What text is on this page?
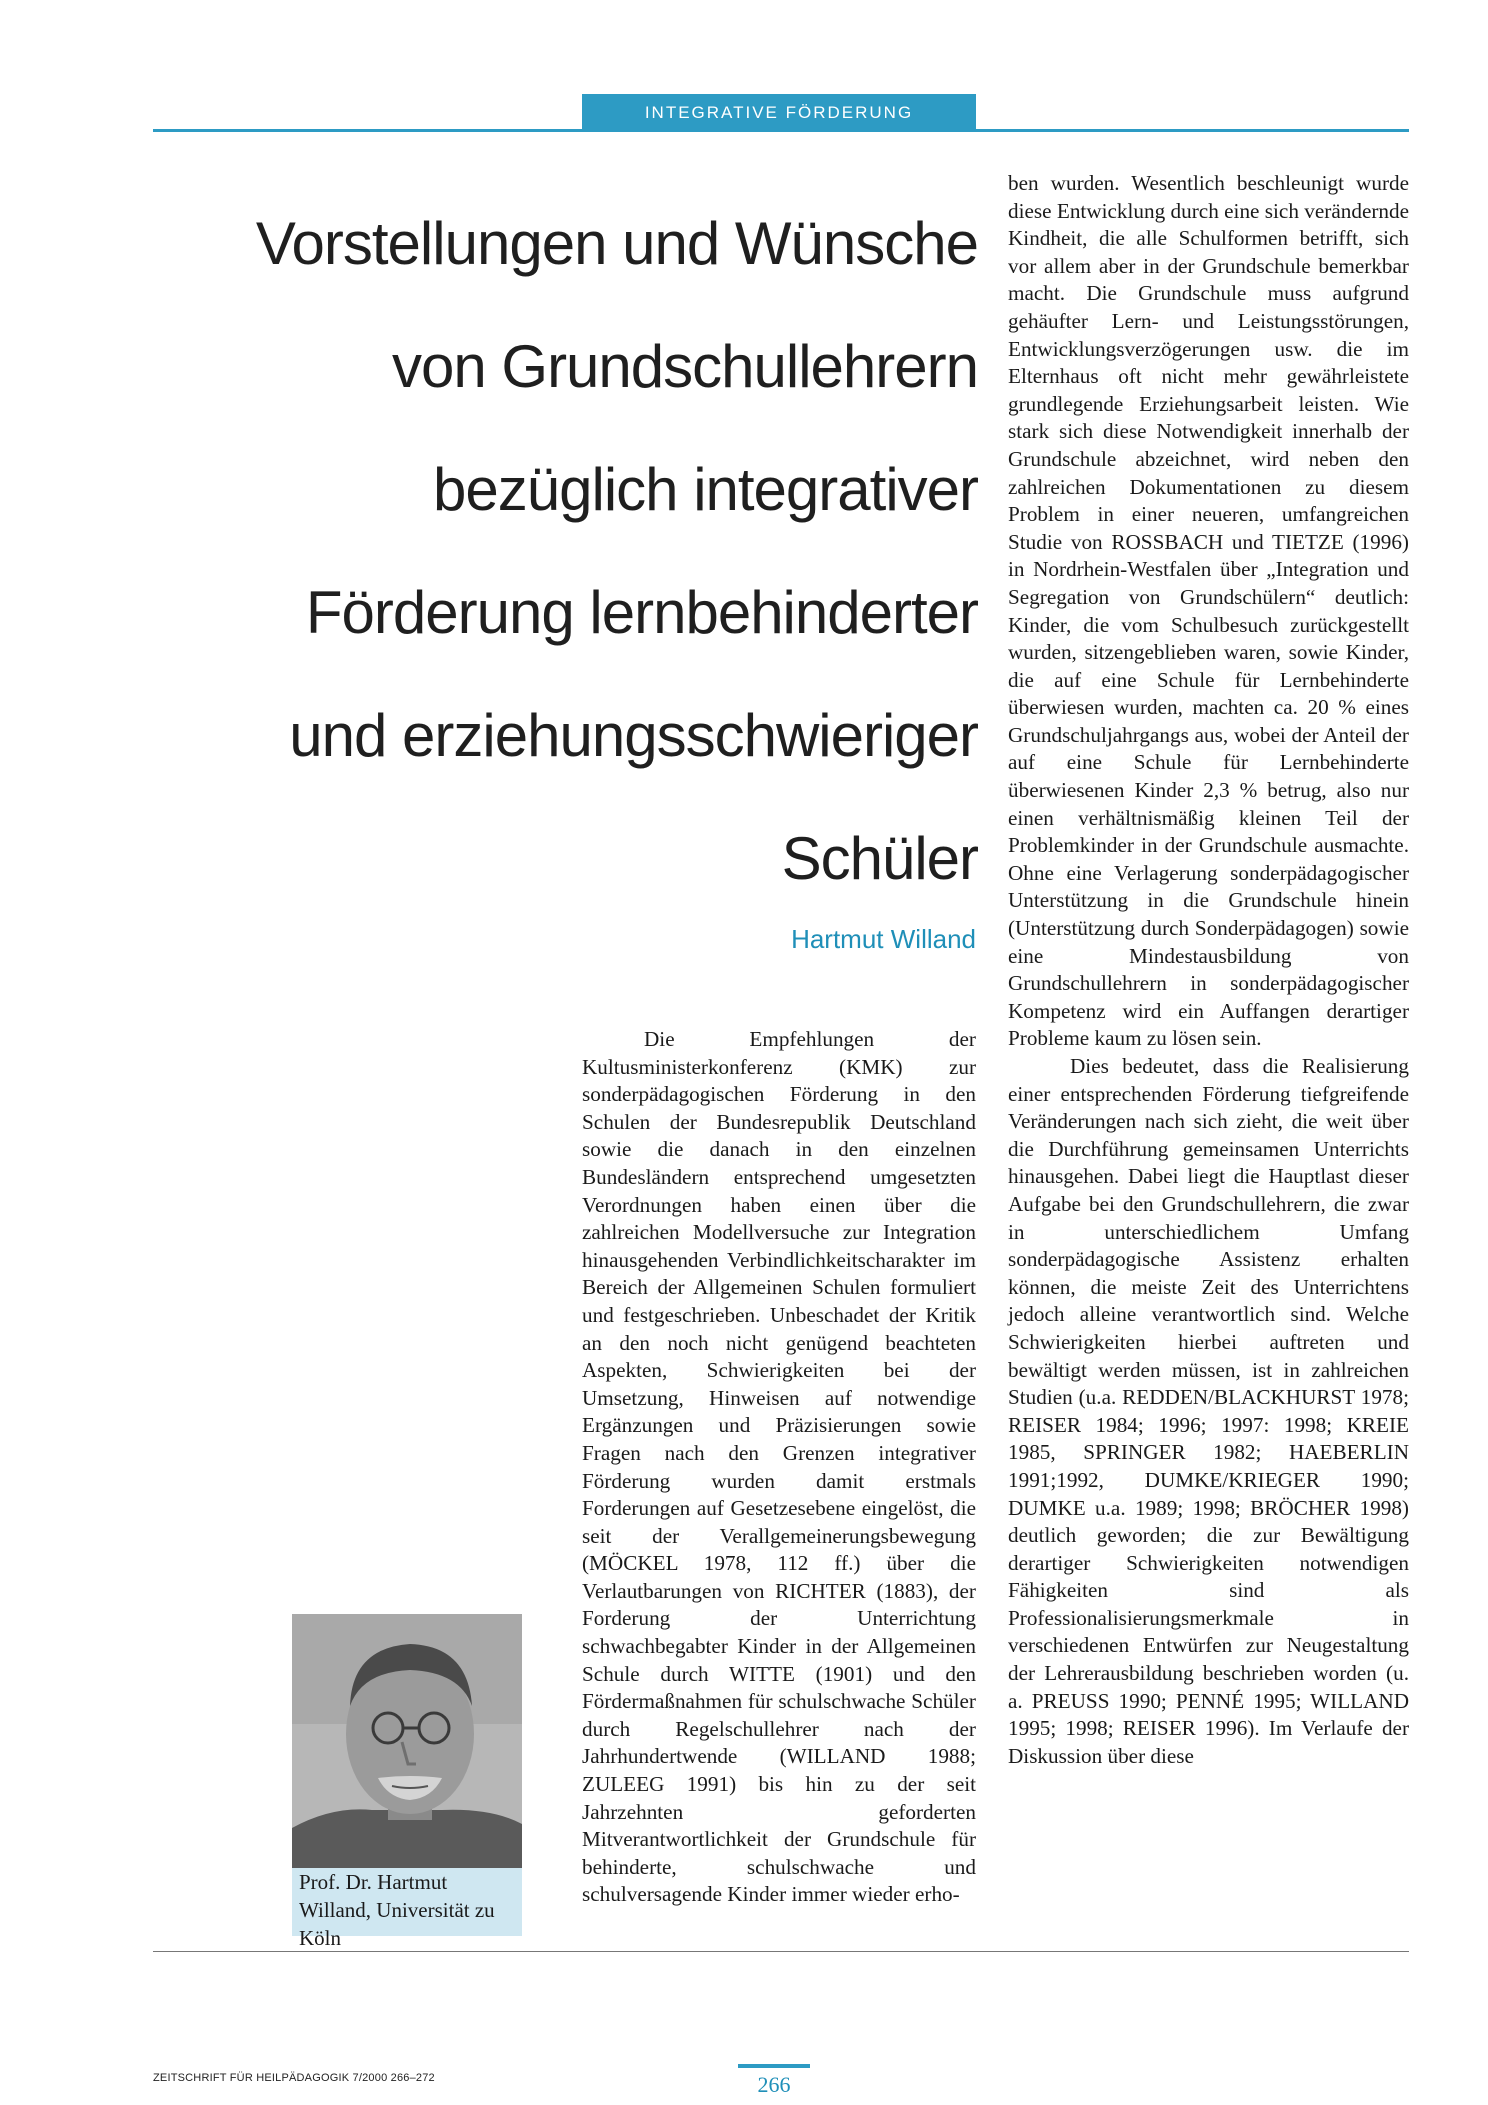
INTEGRATIVE FÖRDERUNG
Vorstellungen und Wünsche
von Grundschullehrern
bezüglich integrativer
Förderung lernbehinderter
und erziehungsschwieriger
Schüler
Hartmut Willand

Die Empfehlungen der Kultusministerkonferenz (KMK) zur sonderpädagogischen Förderung in den Schulen der Bundesrepublik Deutschland sowie die danach in den einzelnen Bundesländern entsprechend umgesetzten Verordnungen haben einen über die zahlreichen Modellversuche zur Integration hinausgehenden Verbindlichkeitscharakter im Bereich der Allgemeinen Schulen formuliert und festgeschrieben. Unbeschadet der Kritik an den noch nicht genügend beachteten Aspekten, Schwierigkeiten bei der Umsetzung, Hinweisen auf notwendige Ergänzungen und Präzisierungen sowie Fragen nach den Grenzen integrativer Förderung wurden damit erstmals Forderungen auf Gesetzesebene eingelöst, die seit der Verallgemeinerungsbewegung (MÖCKEL 1978, 112 ff.) über die Verlautbarungen von RICHTER (1883), der Forderung der Unterrichtung schwachbegabter Kinder in der Allgemeinen Schule durch WITTE (1901) und den Fördermaßnahmen für schulschwache Schüler durch Regelschullehrer nach der Jahrhundertwende (WILLAND 1988; ZULEEG 1991) bis hin zu der seit Jahrzehnten geforderten Mitverantwortlichkeit der Grundschule für behinderte, schulschwache und schulversagende Kinder immer wieder erho-

ben wurden. Wesentlich beschleunigt wurde diese Entwicklung durch eine sich verändernde Kindheit, die alle Schulformen betrifft, sich vor allem aber in der Grundschule bemerkbar macht. Die Grundschule muss aufgrund gehäufter Lern- und Leistungsstörungen, Entwicklungsverzögerungen usw. die im Elternhaus oft nicht mehr gewährleistete grundlegende Erziehungsarbeit leisten. Wie stark sich diese Notwendigkeit innerhalb der Grundschule abzeichnet, wird neben den zahlreichen Dokumentationen zu diesem Problem in einer neueren, umfangreichen Studie von ROSSBACH und TIETZE (1996) in Nordrhein-Westfalen über „Integration und Segregation von Grundschülern“ deutlich: Kinder, die vom Schulbesuch zurückgestellt wurden, sitzengeblieben waren, sowie Kinder, die auf eine Schule für Lernbehinderte überwiesen wurden, machten ca. 20 % eines Grundschuljahrgangs aus, wobei der Anteil der auf eine Schule für Lernbehinderte überwiesenen Kinder 2,3 % betrug, also nur einen verhältnismäßig kleinen Teil der Problemkinder in der Grundschule ausmachte. Ohne eine Verlagerung sonderpädagogischer Unterstützung in die Grundschule hinein (Unterstützung durch Sonderpädagogen) sowie eine Mindestausbildung von Grundschullehrern in sonderpädagogischer Kompetenz wird ein Auffangen derartiger Probleme kaum zu lösen sein.

Dies bedeutet, dass die Realisierung einer entsprechenden Förderung tiefgreifende Veränderungen nach sich zieht, die weit über die Durchführung gemeinsamen Unterrichts hinausgehen. Dabei liegt die Hauptlast dieser Aufgabe bei den Grundschullehrern, die zwar in unterschiedlichem Umfang sonderpädagogische Assistenz erhalten können, die meiste Zeit des Unterrichtens jedoch alleine verantwortlich sind. Welche Schwierigkeiten hierbei auftreten und bewältigt werden müssen, ist in zahlreichen Studien (u.a. REDDEN/BLACKHURST 1978; REISER 1984; 1996; 1997: 1998; KREIE 1985, SPRINGER 1982; HAEBERLIN 1991;1992, DUMKE/KRIEGER 1990; DUMKE u.a. 1989; 1998; BRÖCHER 1998) deutlich geworden; die zur Bewältigung derartiger Schwierigkeiten notwendigen Fähigkeiten sind als Professionalisierungsmerkmale in verschiedenen Entwürfen zur Neugestaltung der Lehrerausbildung beschrieben worden (u. a. PREUSS 1990; PENNÉ 1995; WILLAND 1995; 1998; REISER 1996). Im Verlaufe der Diskussion über diese

Prof. Dr. Hartmut Willand, Universität zu Köln
ZEITSCHRIFT FÜR HEILPÄDAGOGIK 7/2000 266–272	266
